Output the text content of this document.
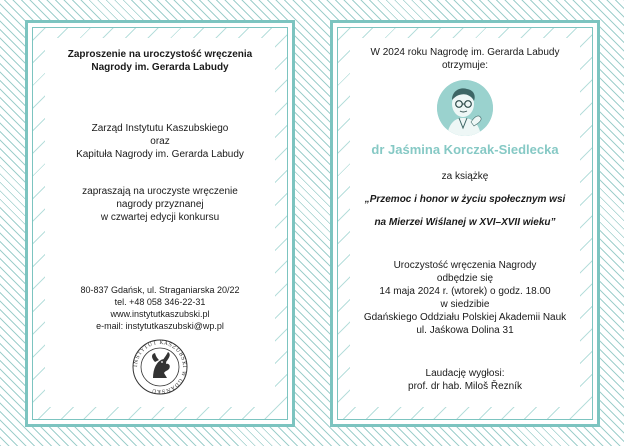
Zaproszenie na uroczystość wręczenia

Nagrody im. Gerarda Labudy

Zarząd Instytutu Kaszubskiego

oraz

Kapituła Nagrody im. Gerarda Labudy

zapraszają na uroczyste wręczenie

nagrody przyznanej

w czwartej edycji konkursu

80-837 Gdańsk, ul. Straganiarska 20/22

tel. +48 058 346-22-31

www.instytutkaszubski.pl

e-mail: instytutkaszubski@wp.pl

INSTYTUT KASZUBSKI W GDAŃSKU

W 2024 roku Nagrodę im. Gerarda Labudy

otrzymuje:

dr Jaśmina Korczak-Siedlecka

za książkę

„Przemoc i honor w życiu społecznym wsi

na Mierzei Wiślanej w XVI–XVII wieku”

Uroczystość wręczenia Nagrody

odbędzie się

14 maja 2024 r. (wtorek) o godz. 18.00

w siedzibie

Gdańskiego Oddziału Polskiej Akademii Nauk

ul. Jaśkowa Dolina 31

Laudację wygłosi:

prof. dr hab. Miloš Řezník
